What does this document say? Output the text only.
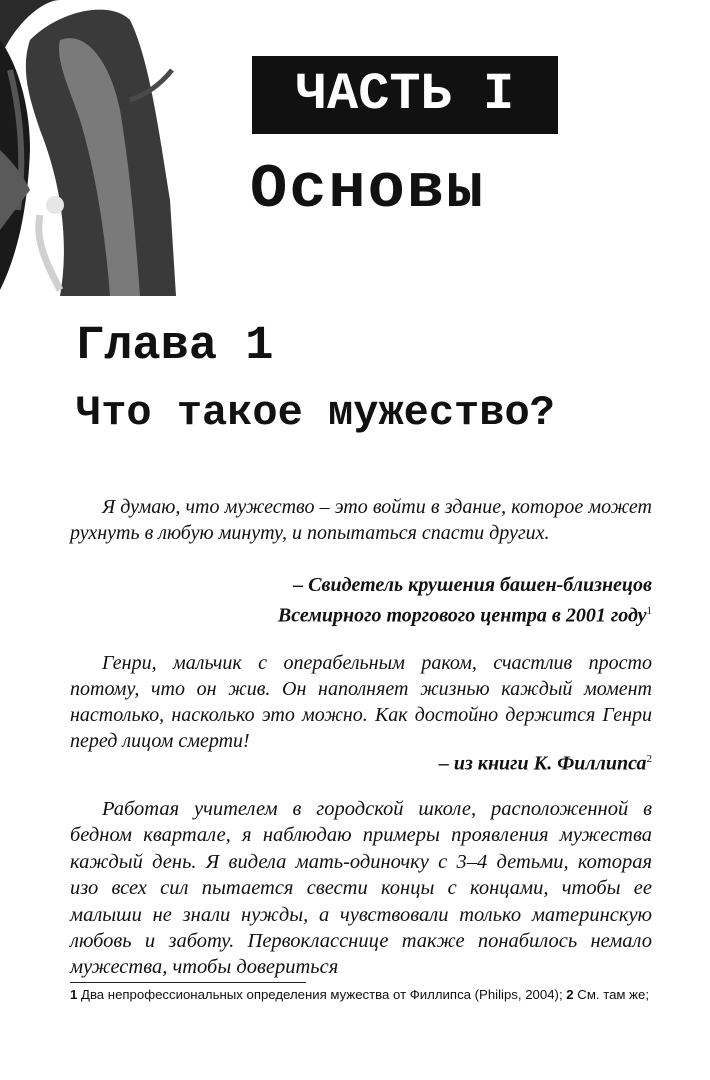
ЧАСТЬ I
Основы
Глава 1
Что такое мужество?

Я думаю, что мужество – это войти в здание, которое может рухнуть в любую минуту, и попытаться спасти других.

– Свидетель крушения башен-близнецов
Всемирного торгового центра в 2001 году$^1$

Генри, мальчик с операбельным раком, счастлив просто потому, что он жив. Он наполняет жизнью каждый момент настолько, насколько это можно. Как достойно держится Генри перед лицом смерти!

– из книги К. Филлипса$^2$

Работая учителем в городской школе, расположенной в бедном квартале, я наблюдаю примеры проявления мужества каждый день. Я видела мать-одиночку с 3–4 детьми, которая изо всех сил пытается свести концы с концами, чтобы ее малыши не знали нужды, а чувствовали только материнскую любовь и заботу. Первокласснице также понабилось немало мужества, чтобы довериться

1 Два непрофессиональных определения мужества от Филлипса (Philips, 2004); 2 См. там же;
